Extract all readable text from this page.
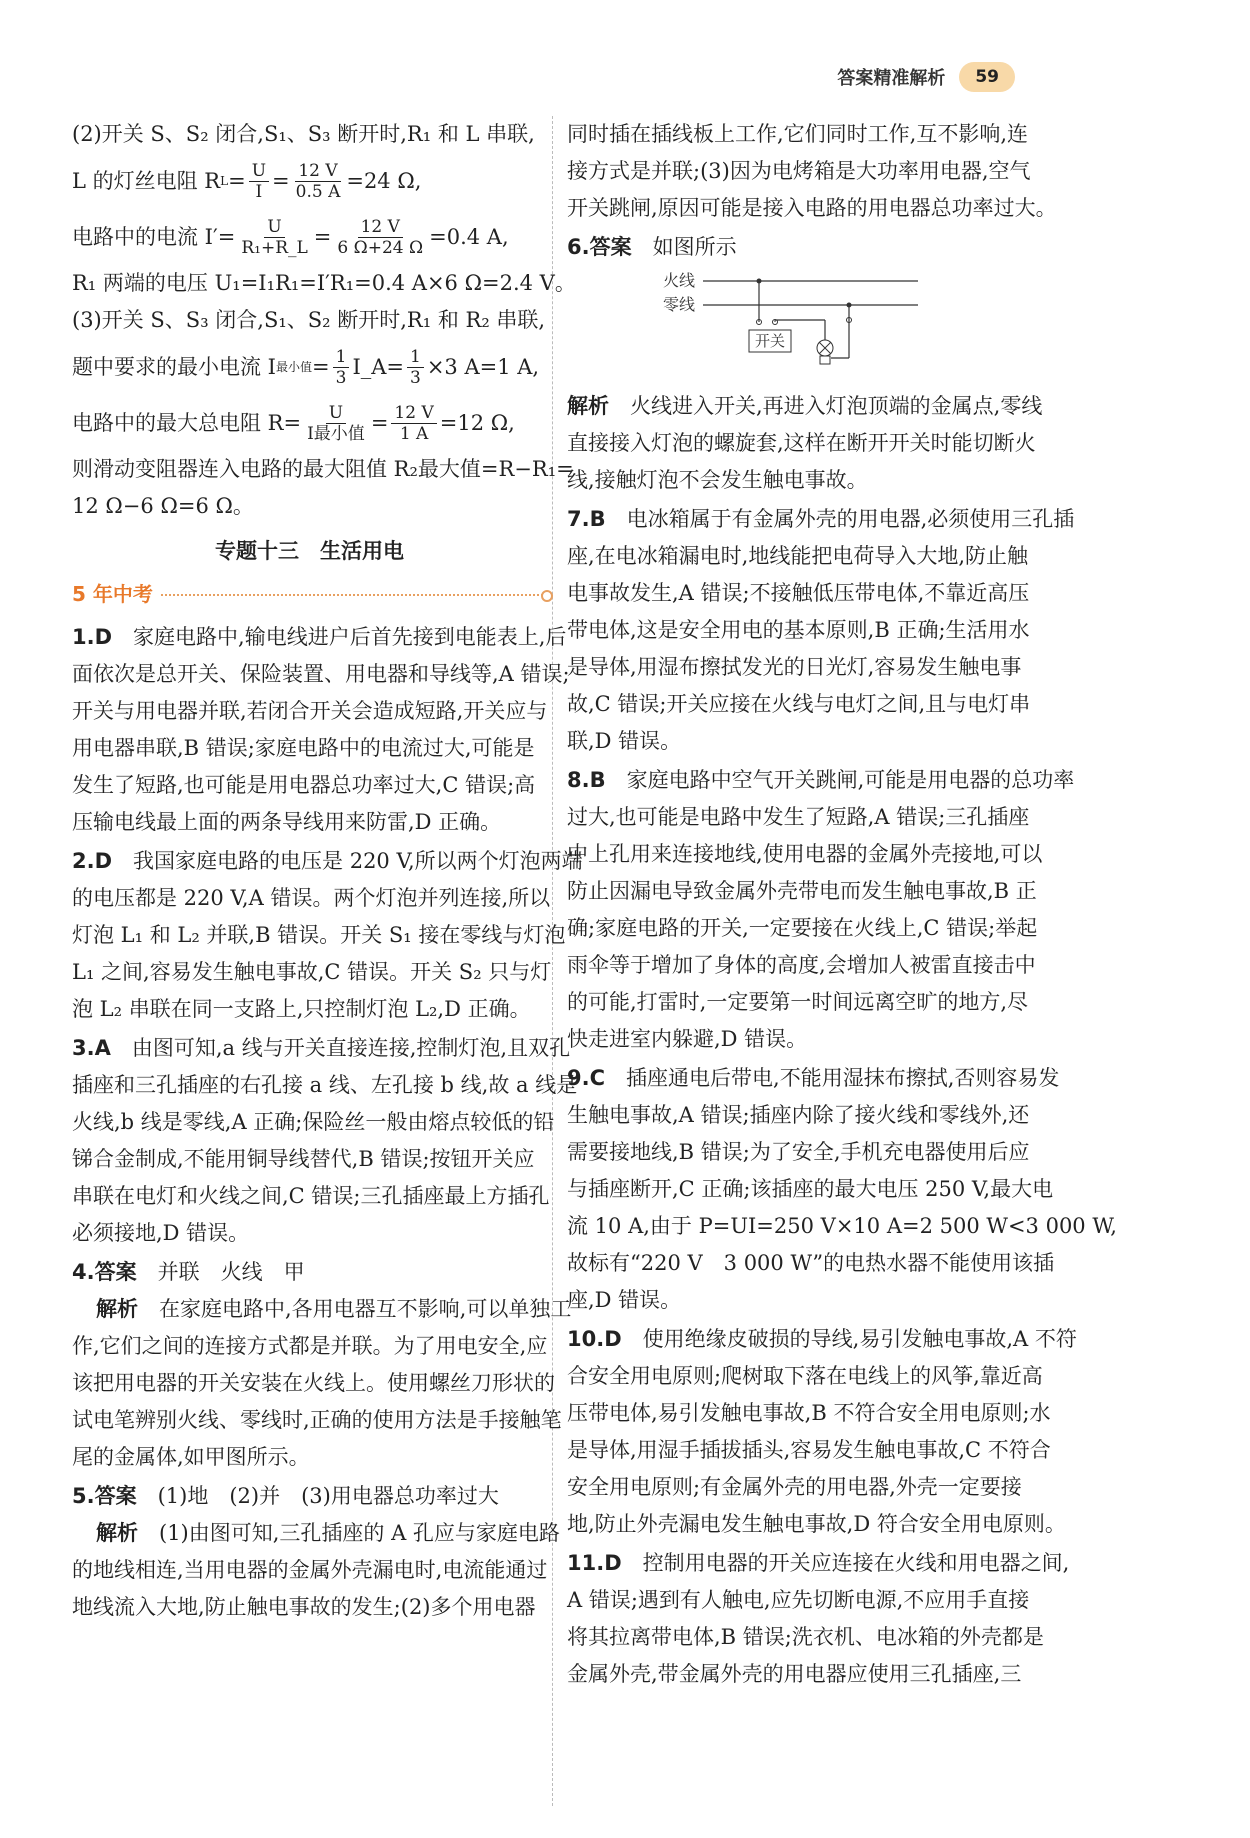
答案精准解析	59
(2)开关 S、S₂ 闭合,S₁、S₃ 断开时,R₁ 和 L 串联,
L 的灯丝电阻 R $L = \frac{U}{I} = \frac{12 V}{0.5 A} =24$ Ω,
电路中的电流 $I'= \frac{U}{\text{R₁+R\_L}} = \frac{12 V}{6 \Omega+24 \Omega} =0.4$ A,
R₁ 两端的电压 U₁=I₁R₁=I′R₁=0.4 A×6 Ω=2.4 V。
(3)开关 S、S₃ 闭合,S₁、S₂ 断开时,R₁ 和 R₂ 串联,
题中要求的最小电流 I 最小值 = $\frac{1}{3}$ I_A= $\frac{1}{3} \times 3$ A=1 A,
电路中的最大总电阻 $R= \frac{U}{\text{I最小值}} = \frac{12 V}{1 A} =12$ Ω,
则滑动变阻器连入电路的最大阻值 R₂最大值=R−R₁=
12 Ω−6 Ω=6 Ω。
专题十三　生活用电
5 年中考
1.D　 家庭电路中,输电线进户后首先接到电能表上,后
面依次是总开关、保险装置、用电器和导线等,A 错误;
开关与用电器并联,若闭合开关会造成短路,开关应与
用电器串联,B 错误;家庭电路中的电流过大,可能是
发生了短路,也可能是用电器总功率过大,C 错误;高
压输电线最上面的两条导线用来防雷,D 正确。
2.D　 我国家庭电路的电压是 220 V,所以两个灯泡两端
的电压都是 220 V,A 错误。两个灯泡并列连接,所以
灯泡 L₁ 和 L₂ 并联,B 错误。开关 S₁ 接在零线与灯泡
L₁ 之间,容易发生触电事故,C 错误。开关 S₂ 只与灯
泡 L₂ 串联在同一支路上,只控制灯泡 L₂,D 正确。
3.A　 由图可知,a 线与开关直接连接,控制灯泡,且双孔
插座和三孔插座的右孔接 a 线、左孔接 b 线,故 a 线是
火线,b 线是零线,A 正确;保险丝一般由熔点较低的铅
锑合金制成,不能用铜导线替代,B 错误;按钮开关应
串联在电灯和火线之间,C 错误;三孔插座最上方插孔
必须接地,D 错误。
4.答案　 并联　火线　甲
解析　 在家庭电路中,各用电器互不影响,可以单独工
作,它们之间的连接方式都是并联。为了用电安全,应
该把用电器的开关安装在火线上。使用螺丝刀形状的
试电笔辨别火线、零线时,正确的使用方法是手接触笔
尾的金属体,如甲图所示。
5.答案　 (1)地　(2)并　(3)用电器总功率过大
解析　 (1)由图可知,三孔插座的 A 孔应与家庭电路
的地线相连,当用电器的金属外壳漏电时,电流能通过
地线流入大地,防止触电事故的发生;(2)多个用电器
同时插在插线板上工作,它们同时工作,互不影响,连
接方式是并联;(3)因为电烤箱是大功率用电器,空气
开关跳闸,原因可能是接入电路的用电器总功率过大。
6.答案　 如图所示
火线
零线
开关
解析　 火线进入开关,再进入灯泡顶端的金属点,零线
直接接入灯泡的螺旋套,这样在断开开关时能切断火
线,接触灯泡不会发生触电事故。
7.B　 电冰箱属于有金属外壳的用电器,必须使用三孔插
座,在电冰箱漏电时,地线能把电荷导入大地,防止触
电事故发生,A 错误;不接触低压带电体,不靠近高压
带电体,这是安全用电的基本原则,B 正确;生活用水
是导体,用湿布擦拭发光的日光灯,容易发生触电事
故,C 错误;开关应接在火线与电灯之间,且与电灯串
联,D 错误。
8.B　 家庭电路中空气开关跳闸,可能是用电器的总功率
过大,也可能是电路中发生了短路,A 错误;三孔插座
中上孔用来连接地线,使用电器的金属外壳接地,可以
防止因漏电导致金属外壳带电而发生触电事故,B 正
确;家庭电路的开关,一定要接在火线上,C 错误;举起
雨伞等于增加了身体的高度,会增加人被雷直接击中
的可能,打雷时,一定要第一时间远离空旷的地方,尽
快走进室内躲避,D 错误。
9.C　 插座通电后带电,不能用湿抹布擦拭,否则容易发
生触电事故,A 错误;插座内除了接火线和零线外,还
需要接地线,B 错误;为了安全,手机充电器使用后应
与插座断开,C 正确;该插座的最大电压 250 V,最大电
流 10 A,由于 P=UI=250 V×10 A=2 500 W<3 000 W,
故标有“220 V　3 000 W”的电热水器不能使用该插
座,D 错误。
10.D　 使用绝缘皮破损的导线,易引发触电事故,A 不符
合安全用电原则;爬树取下落在电线上的风筝,靠近高
压带电体,易引发触电事故,B 不符合安全用电原则;水
是导体,用湿手插拔插头,容易发生触电事故,C 不符合
安全用电原则;有金属外壳的用电器,外壳一定要接
地,防止外壳漏电发生触电事故,D 符合安全用电原则。
11.D　 控制用电器的开关应连接在火线和用电器之间,
A 错误;遇到有人触电,应先切断电源,不应用手直接
将其拉离带电体,B 错误;洗衣机、电冰箱的外壳都是
金属外壳,带金属外壳的用电器应使用三孔插座,三
